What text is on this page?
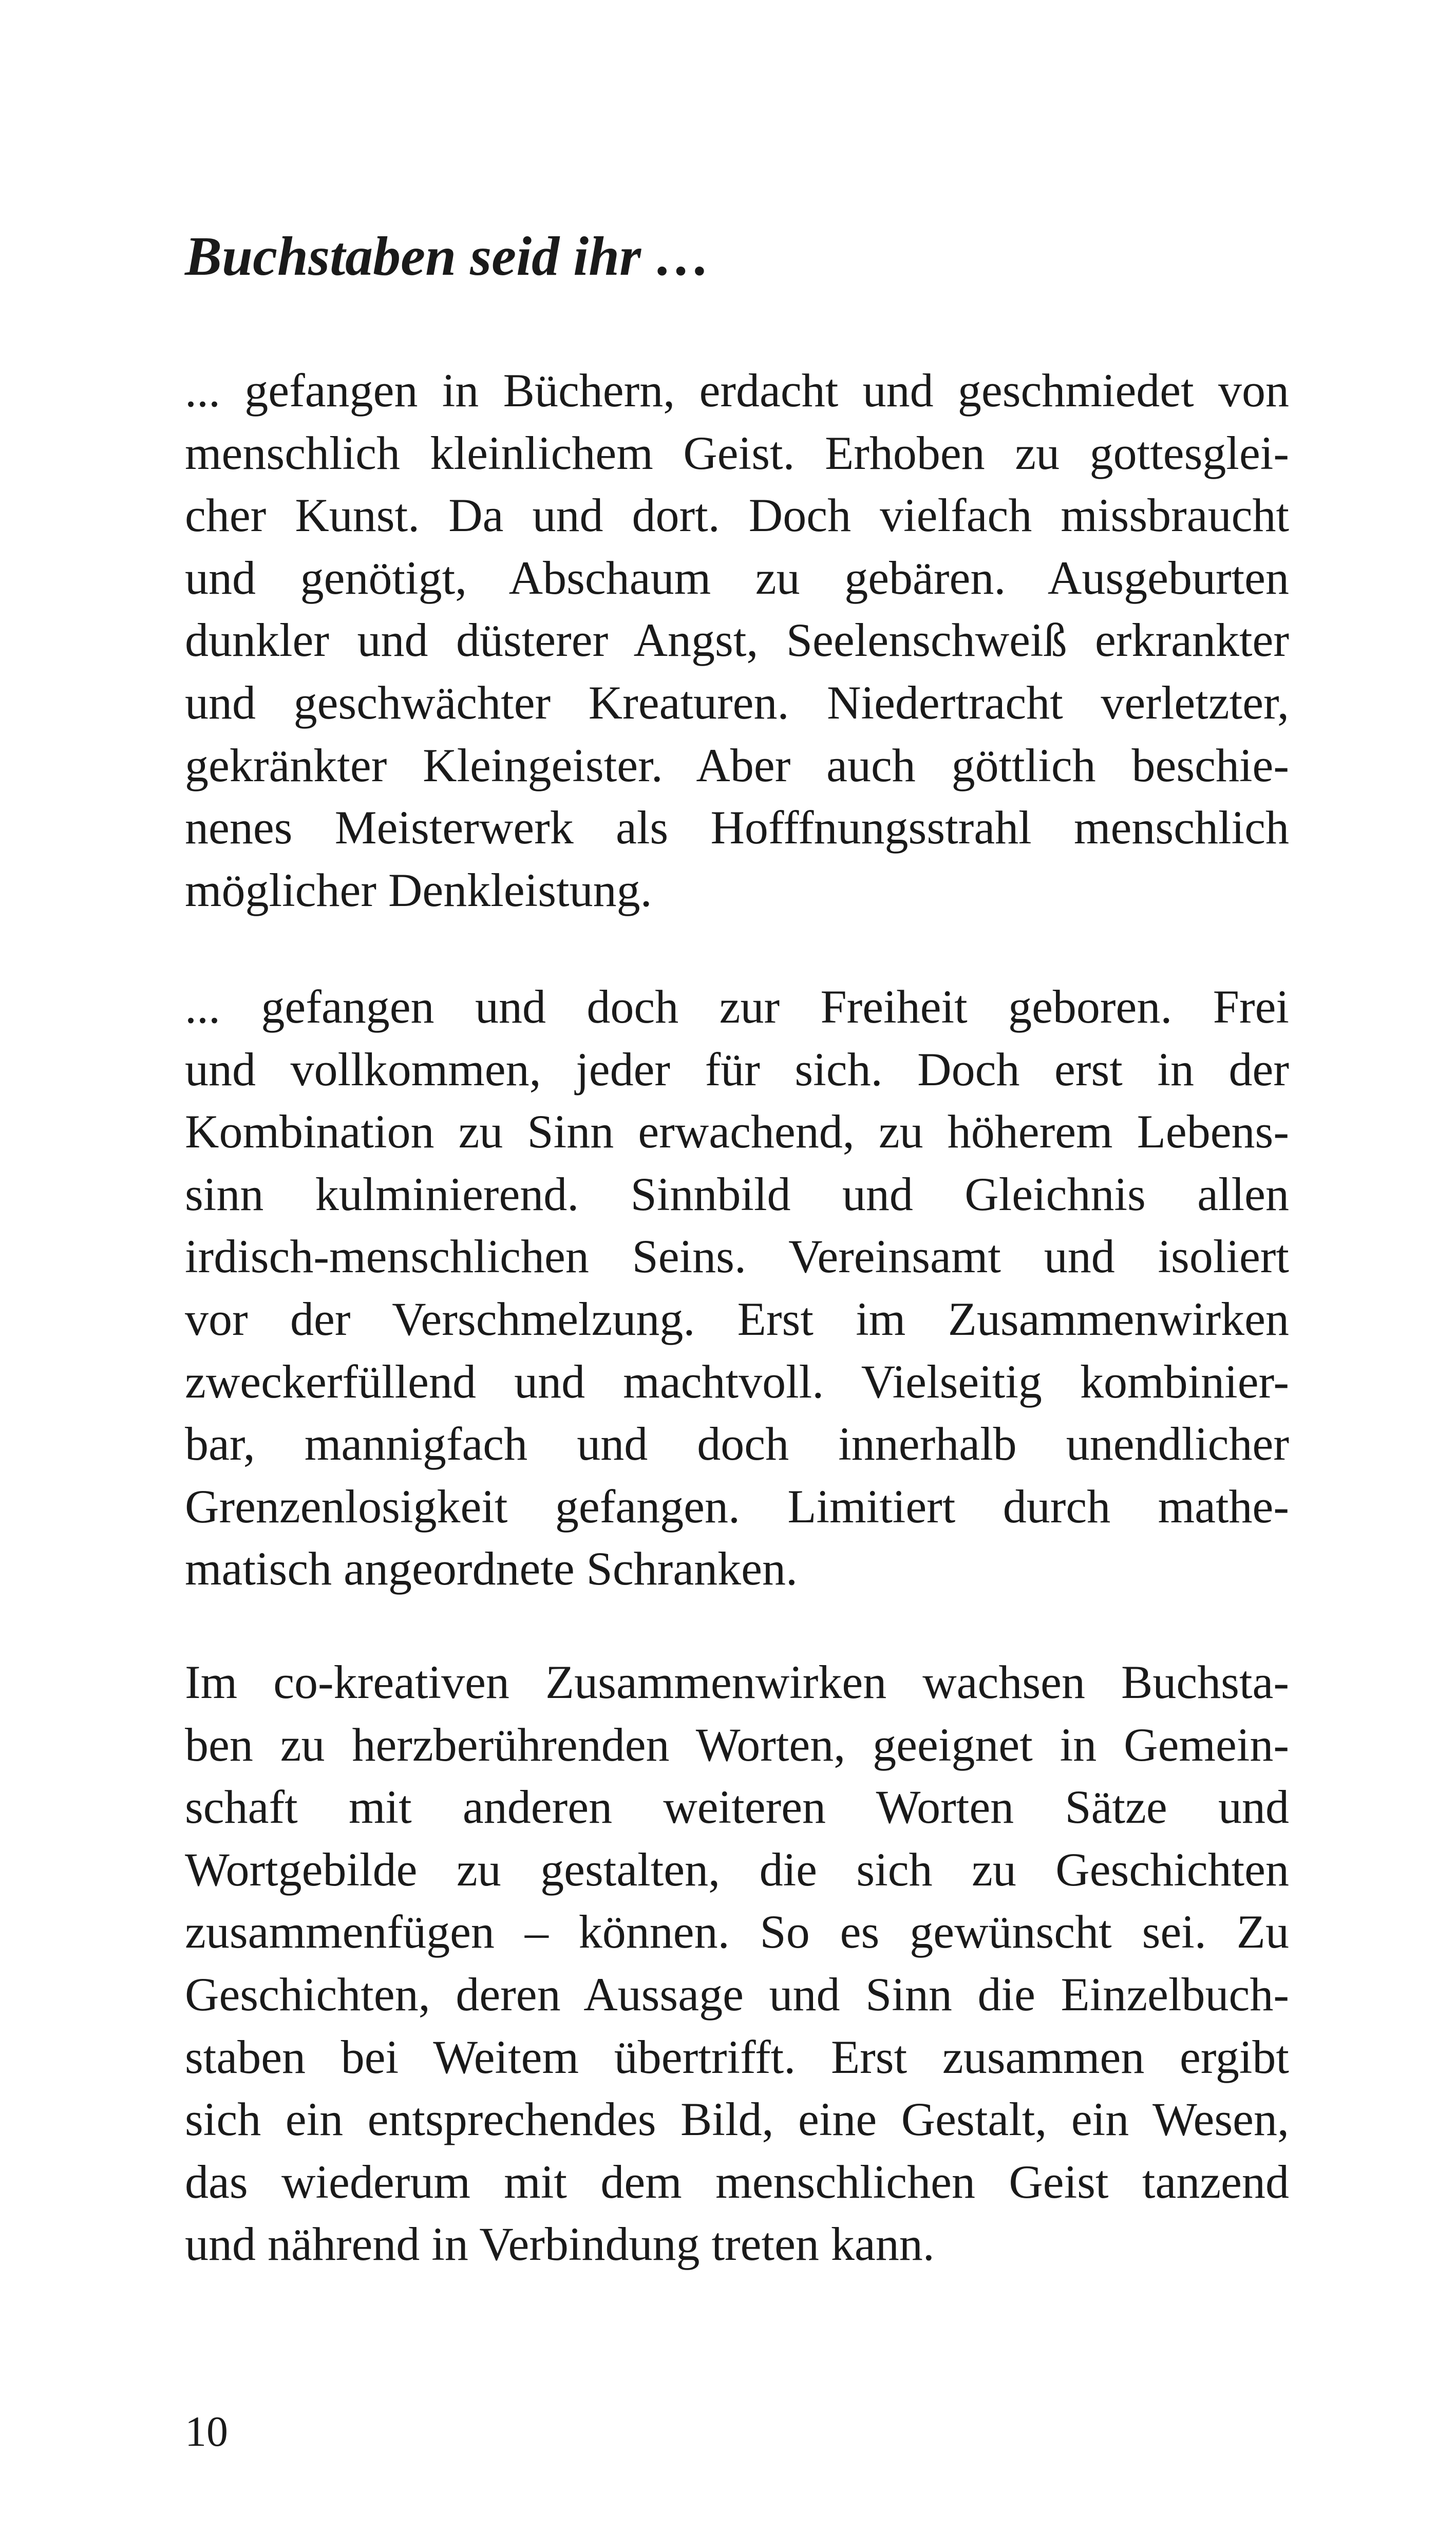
Buchstaben seid ihr …
... gefangen in Büchern, erdacht und geschmiedet von
menschlich kleinlichem Geist. Erhoben zu gottesglei-
cher Kunst. Da und dort. Doch vielfach missbraucht
und genötigt, Abschaum zu gebären. Ausgeburten
dunkler und düsterer Angst, Seelenschweiß erkrankter
und geschwächter Kreaturen. Niedertracht verletzter,
gekränkter Kleingeister. Aber auch göttlich beschie-
nenes Meisterwerk als Hofffnungsstrahl menschlich
möglicher Denkleistung.
... gefangen und doch zur Freiheit geboren. Frei
und vollkommen, jeder für sich. Doch erst in der
Kombination zu Sinn erwachend, zu höherem Lebens-
sinn kulminierend. Sinnbild und Gleichnis allen
irdisch-menschlichen Seins. Vereinsamt und isoliert
vor der Verschmelzung. Erst im Zusammenwirken
zweckerfüllend und machtvoll. Vielseitig kombinier-
bar, mannigfach und doch innerhalb unendlicher
Grenzenlosigkeit gefangen. Limitiert durch mathe-
matisch angeordnete Schranken.
Im co-kreativen Zusammenwirken wachsen Buchsta-
ben zu herzberührenden Worten, geeignet in Gemein-
schaft mit anderen weiteren Worten Sätze und
Wortgebilde zu gestalten, die sich zu Geschichten
zusammenfügen – können. So es gewünscht sei. Zu
Geschichten, deren Aussage und Sinn die Einzelbuch-
staben bei Weitem übertrifft. Erst zusammen ergibt
sich ein entsprechendes Bild, eine Gestalt, ein Wesen,
das wiederum mit dem menschlichen Geist tanzend
und nährend in Verbindung treten kann.
10
